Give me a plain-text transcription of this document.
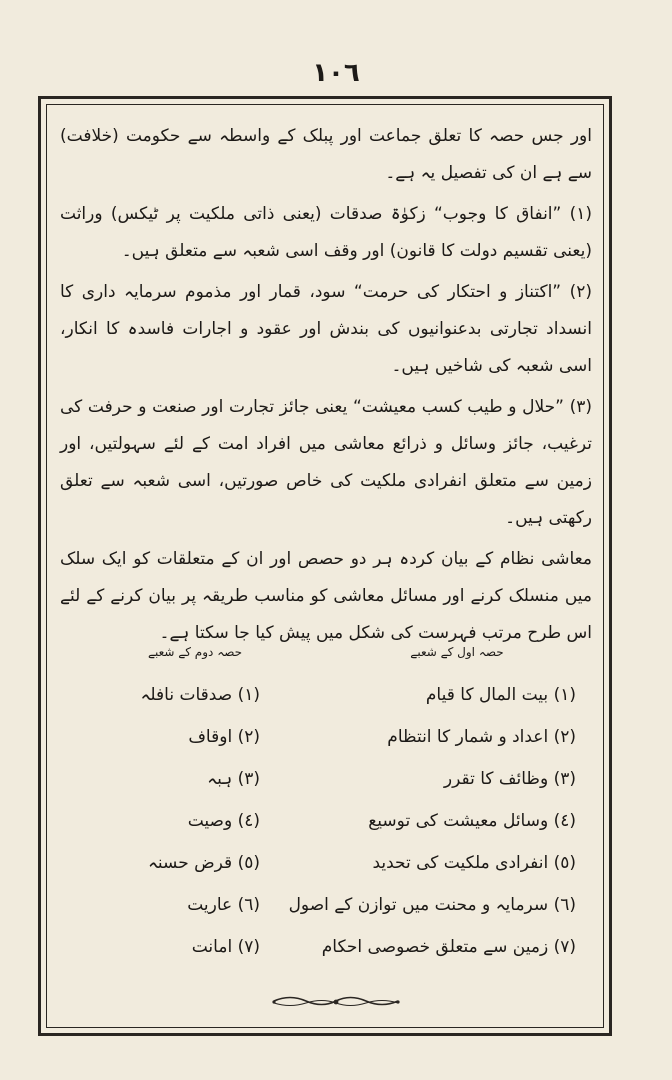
١٠٦

اور جس حصہ کا تعلق جماعت اور پبلک کے واسطہ سے حکومت (خلافت) سے ہے ان کی تفصیل یہ ہے۔

(١) ”انفاق کا وجوب“ زکوٰۃ صدقات (یعنی ذاتی ملکیت پر ٹیکس) وراثت (یعنی تقسیم دولت کا قانون) اور وقف اسی شعبہ سے متعلق ہیں۔

(٢) ”اکتناز و احتکار کی حرمت“ سود، قمار اور مذموم سرمایہ داری کا انسداد تجارتی بدعنوانیوں کی بندش اور عقود و اجارات فاسدہ کا انکار، اسی شعبہ کی شاخیں ہیں۔

(٣) ”حلال و طیب کسب معیشت“ یعنی جائز تجارت اور صنعت و حرفت کی ترغیب، جائز وسائل و ذرائع معاشی میں افراد امت کے لئے سہولتیں، اور زمین سے متعلق انفرادی ملکیت کی خاص صورتیں، اسی شعبہ سے تعلق رکھتی ہیں۔

معاشی نظام کے بیان کردہ ہر دو حصص اور ان کے متعلقات کو ایک سلک میں منسلک کرنے اور مسائل معاشی کو مناسب طریقہ پر بیان کرنے کے لئے اس طرح مرتب فہرست کی شکل میں پیش کیا جا سکتا ہے۔

حصہ اول کے شعبے
(١) بیت المال کا قیام
(٢) اعداد و شمار کا انتظام
(٣) وظائف کا تقرر
(٤) وسائل معیشت کی توسیع
(٥) انفرادی ملکیت کی تحدید
(٦) سرمایہ و محنت میں توازن کے اصول
(٧) زمین سے متعلق خصوصی احکام
حصہ دوم کے شعبے
(١) صدقات نافلہ
(٢) اوقاف
(٣) ہبہ
(٤) وصیت
(٥) قرض حسنہ
(٦) عاریت
(٧) امانت
